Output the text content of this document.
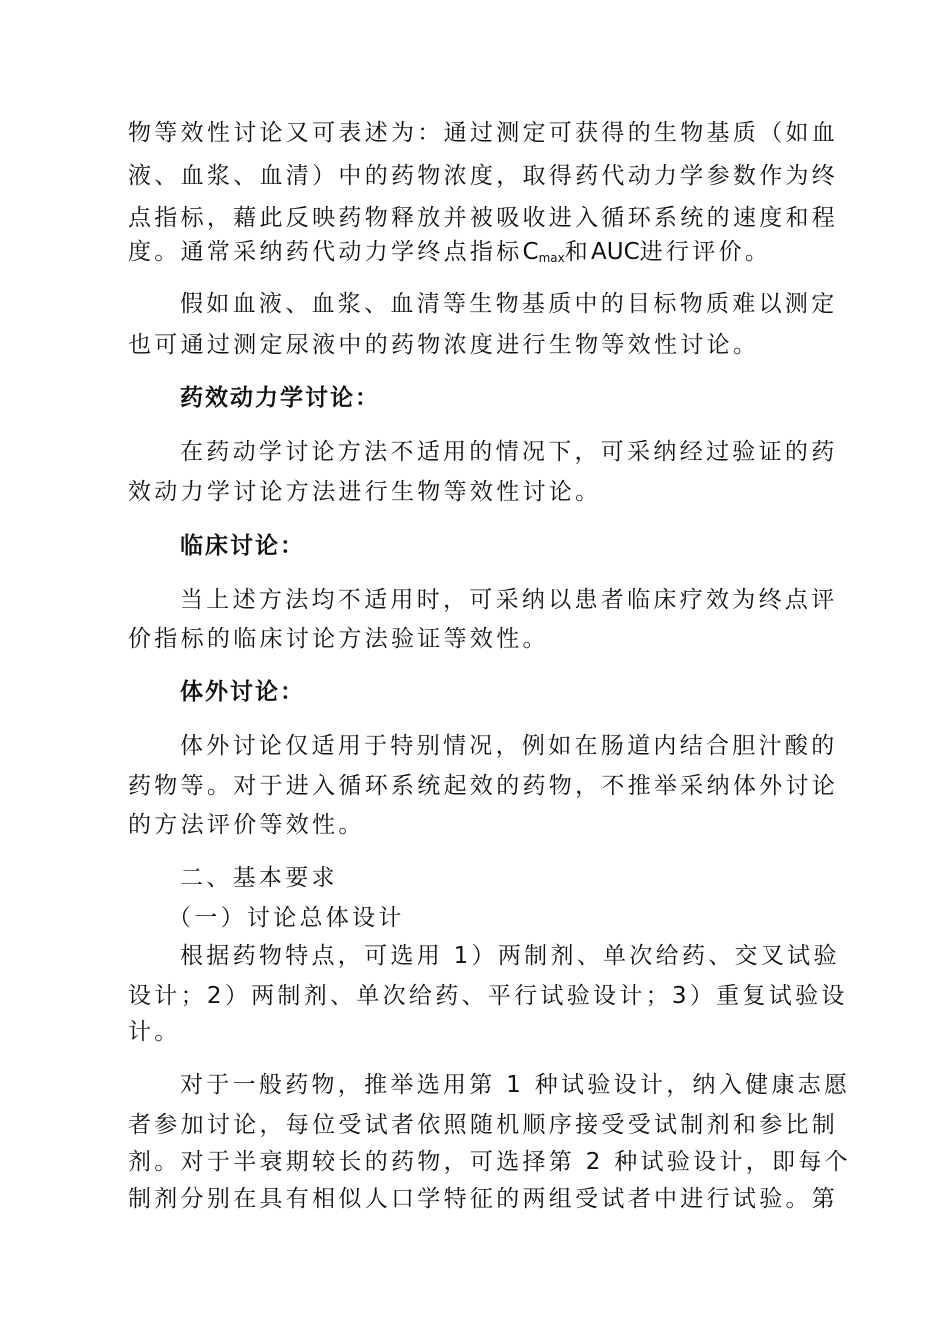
物等效性讨论又可表述为：通过测定可获得的生物基质（如血
液、血浆、血清）中的药物浓度，取得药代动力学参数作为终
点指标，藉此反映药物释放并被吸收进入循环系统的速度和程
度。通常采纳药代动力学终点指标$C_{max}$和AUC进行评价。
假如血液、血浆、血清等生物基质中的目标物质难以测定
也可通过测定尿液中的药物浓度进行生物等效性讨论。
药效动力学讨论：
在药动学讨论方法不适用的情况下，可采纳经过验证的药
效动力学讨论方法进行生物等效性讨论。
临床讨论：
当上述方法均不适用时，可采纳以患者临床疗效为终点评
价指标的临床讨论方法验证等效性。
体外讨论：
体外讨论仅适用于特别情况，例如在肠道内结合胆汁酸的
药物等。对于进入循环系统起效的药物，不推举采纳体外讨论
的方法评价等效性。
二、基本要求
（一）讨论总体设计
根据药物特点，可选用 1）两制剂、单次给药、交叉试验
设计；2）两制剂、单次给药、平行试验设计；3）重复试验设
计。
对于一般药物，推举选用第 1 种试验设计，纳入健康志愿
者参加讨论，每位受试者依照随机顺序接受受试制剂和参比制
剂。对于半衰期较长的药物，可选择第 2 种试验设计，即每个
制剂分别在具有相似人口学特征的两组受试者中进行试验。第
